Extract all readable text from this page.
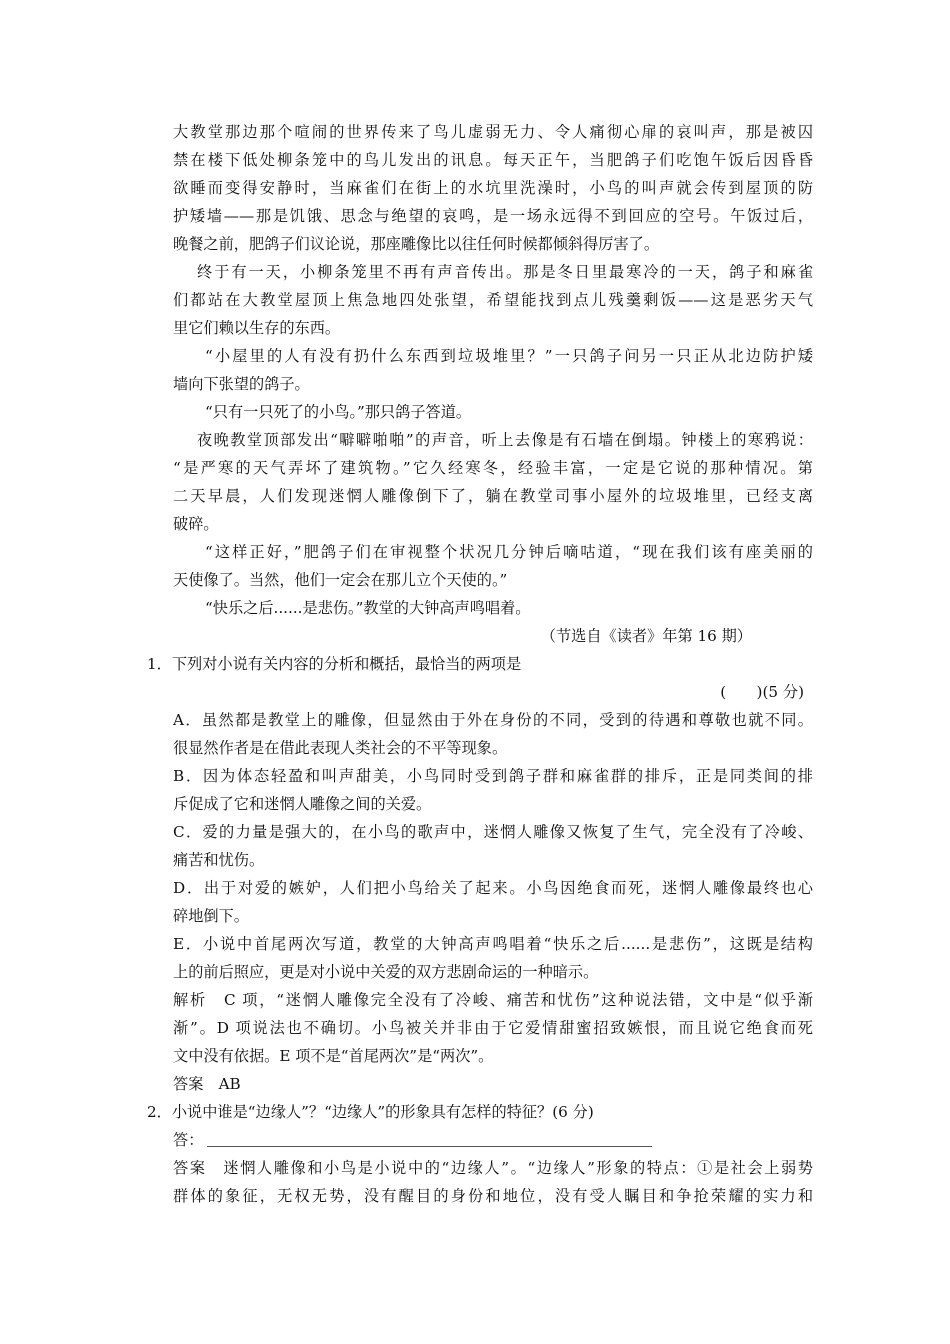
大教堂那边那个喧闹的世界传来了鸟儿虚弱无力、令人痛彻心扉的哀叫声，那是被囚
禁在楼下低处柳条笼中的鸟儿发出的讯息。每天正午，当肥鸽子们吃饱午饭后因昏昏
欲睡而变得安静时，当麻雀们在街上的水坑里洗澡时，小鸟的叫声就会传到屋顶的防
护矮墙——那是饥饿、思念与绝望的哀鸣，是一场永远得不到回应的空号。午饭过后，
晚餐之前，肥鸽子们议论说，那座雕像比以往任何时候都倾斜得厉害了。
终于有一天，小柳条笼里不再有声音传出。那是冬日里最寒冷的一天，鸽子和麻雀
们都站在大教堂屋顶上焦急地四处张望，希望能找到点儿残羹剩饭——这是恶劣天气
里它们赖以生存的东西。
“小屋里的人有没有扔什么东西到垃圾堆里？”一只鸽子问另一只正从北边防护矮
墙向下张望的鸽子。
“只有一只死了的小鸟。”那只鸽子答道。
夜晚教堂顶部发出“噼噼啪啪”的声音，听上去像是有石墙在倒塌。钟楼上的寒鸦说：
“是严寒的天气弄坏了建筑物。”它久经寒冬，经验丰富，一定是它说的那种情况。第
二天早晨，人们发现迷惘人雕像倒下了，躺在教堂司事小屋外的垃圾堆里，已经支离
破碎。
“这样正好，”肥鸽子们在审视整个状况几分钟后嘀咕道，“现在我们该有座美丽的
天使像了。当然，他们一定会在那儿立个天使的。”
“快乐之后......是悲伤。”教堂的大钟高声鸣唱着。
（节选自《读者》年第 16 期）
1．下列对小说有关内容的分析和概括，最恰当的两项是
(　　)(5 分)
A．虽然都是教堂上的雕像，但显然由于外在身份的不同，受到的待遇和尊敬也就不同。
很显然作者是在借此表现人类社会的不平等现象。
B．因为体态轻盈和叫声甜美，小鸟同时受到鸽子群和麻雀群的排斥，正是同类间的排
斥促成了它和迷惘人雕像之间的关爱。
C．爱的力量是强大的，在小鸟的歌声中，迷惘人雕像又恢复了生气，完全没有了冷峻、
痛苦和忧伤。
D．出于对爱的嫉妒，人们把小鸟给关了起来。小鸟因绝食而死，迷惘人雕像最终也心
碎地倒下。
E．小说中首尾两次写道，教堂的大钟高声鸣唱着“快乐之后......是悲伤”，这既是结构
上的前后照应，更是对小说中关爱的双方悲剧命运的一种暗示。
解析　C 项，“迷惘人雕像完全没有了冷峻、痛苦和忧伤”这种说法错，文中是“似乎渐
渐”。D 项说法也不确切。小鸟被关并非由于它爱情甜蜜招致嫉恨，而且说它绝食而死
文中没有依据。E 项不是“首尾两次”是“两次”。
答案　AB
2．小说中谁是“边缘人”？“边缘人”的形象具有怎样的特征？(6 分)
答：
答案　迷惘人雕像和小鸟是小说中的“边缘人”。“边缘人”形象的特点：①是社会上弱势
群体的象征，无权无势，没有醒目的身份和地位，没有受人瞩目和争抢荣耀的实力和
